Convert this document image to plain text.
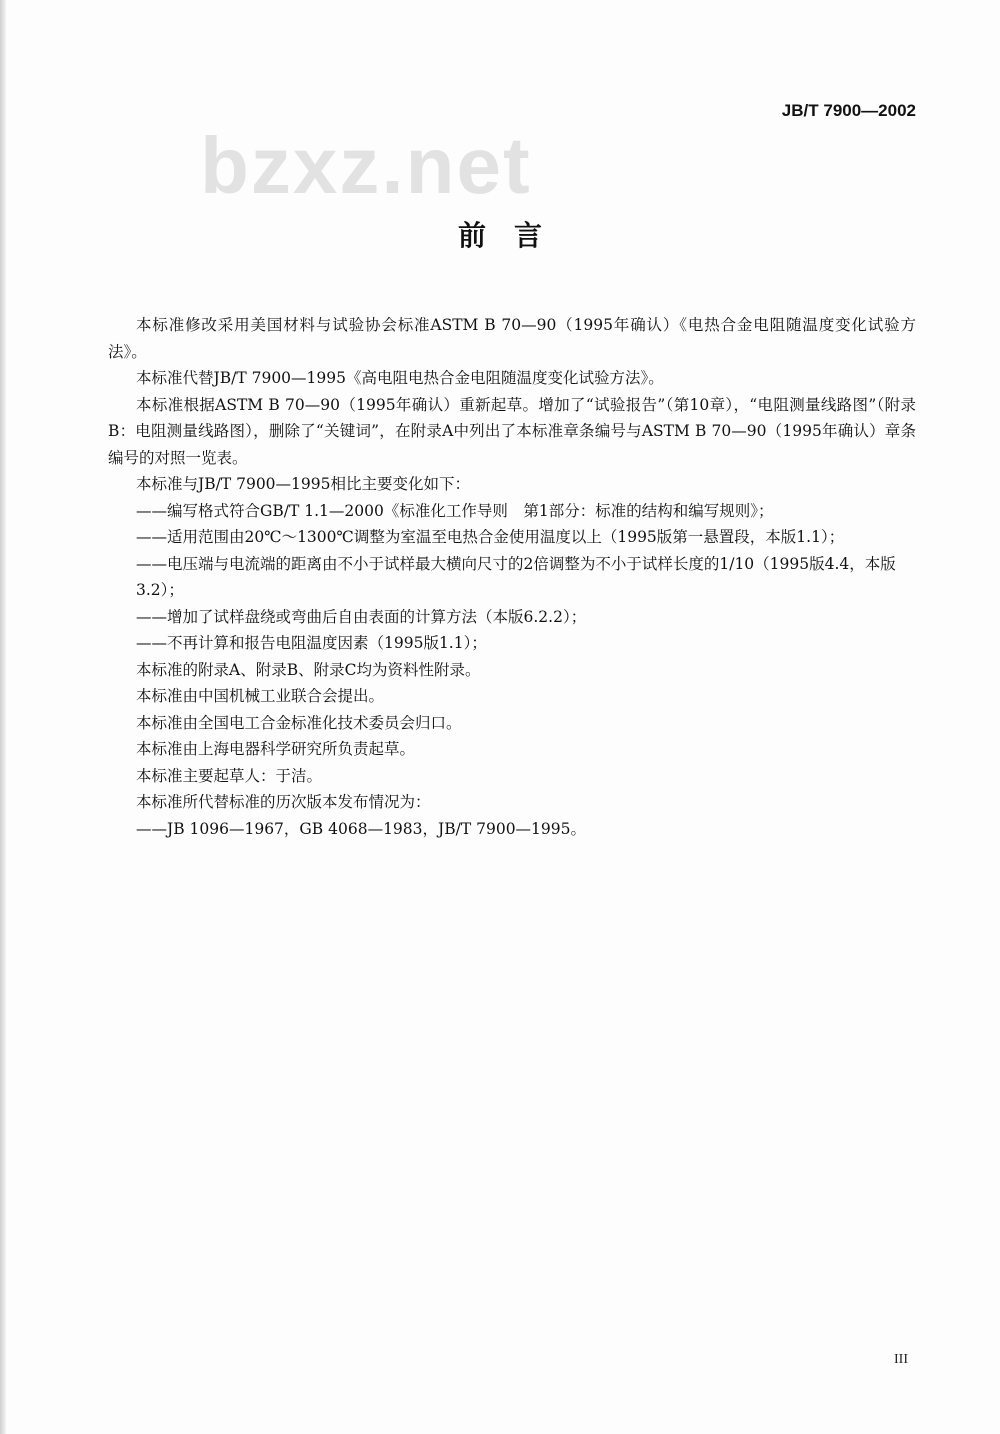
JB/T 7900—2002
bzxz.net
前言

本标准修改采用美国材料与试验协会标准ASTM B 70—90（1995年确认）《电热合金电阻随温度变化试验方法》。

本标准代替JB/T 7900—1995《高电阻电热合金电阻随温度变化试验方法》。

本标准根据ASTM B 70—90（1995年确认）重新起草。增加了“试验报告”（第10章），“电阻测量线路图”（附录B：电阻测量线路图），删除了“关键词”，在附录A中列出了本标准章条编号与ASTM B 70—90（1995年确认）章条编号的对照一览表。

本标准与JB/T 7900—1995相比主要变化如下：

——编写格式符合GB/T 1.1—2000《标准化工作导则　第1部分：标准的结构和编写规则》；

——适用范围由20℃～1300℃调整为室温至电热合金使用温度以上（1995版第一悬置段，本版1.1）；

——电压端与电流端的距离由不小于试样最大横向尺寸的2倍调整为不小于试样长度的1/10（1995版4.4，本版3.2）；

——增加了试样盘绕或弯曲后自由表面的计算方法（本版6.2.2）；

——不再计算和报告电阻温度因素（1995版1.1）；

本标准的附录A、附录B、附录C均为资料性附录。

本标准由中国机械工业联合会提出。

本标准由全国电工合金标准化技术委员会归口。

本标准由上海电器科学研究所负责起草。

本标准主要起草人：于洁。

本标准所代替标准的历次版本发布情况为：

——JB 1096—1967，GB 4068—1983，JB/T 7900—1995。

III
